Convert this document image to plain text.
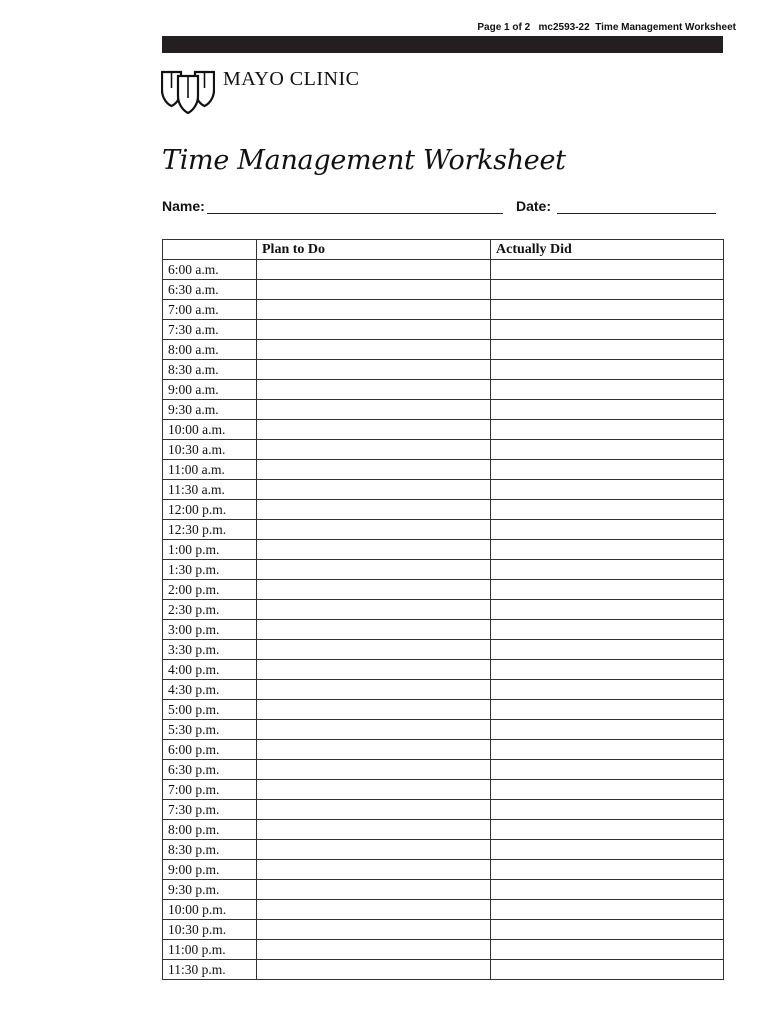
Page 1 of 2   mc2593-22  Time Management Worksheet
MAYO CLINIC
Time Management Worksheet
Name:	Date:
	Plan to Do	Actually Did
6:00 a.m.		
6:30 a.m.		
7:00 a.m.		
7:30 a.m.		
8:00 a.m.		
8:30 a.m.		
9:00 a.m.		
9:30 a.m.		
10:00 a.m.		
10:30 a.m.		
11:00 a.m.		
11:30 a.m.		
12:00 p.m.		
12:30 p.m.		
1:00 p.m.		
1:30 p.m.		
2:00 p.m.		
2:30 p.m.		
3:00 p.m.		
3:30 p.m.		
4:00 p.m.		
4:30 p.m.		
5:00 p.m.		
5:30 p.m.		
6:00 p.m.		
6:30 p.m.		
7:00 p.m.		
7:30 p.m.		
8:00 p.m.		
8:30 p.m.		
9:00 p.m.		
9:30 p.m.		
10:00 p.m.		
10:30 p.m.		
11:00 p.m.		
11:30 p.m.		
